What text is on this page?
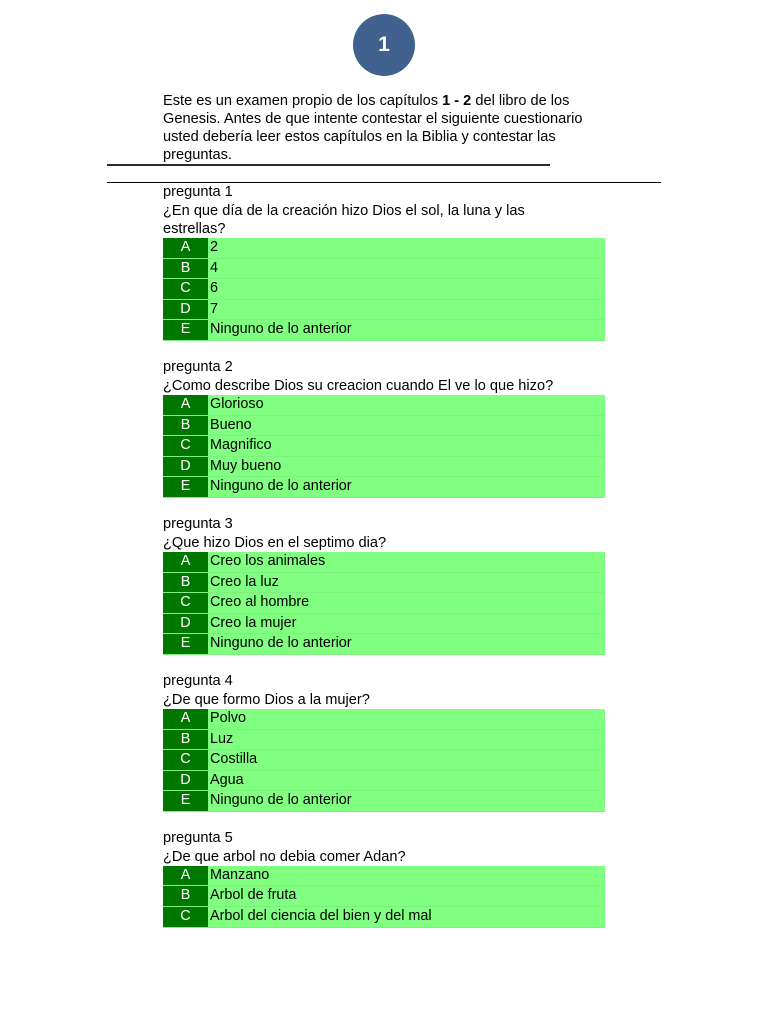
1
Este es un examen propio de los capítulos 1 - 2 del libro de los Genesis. Antes de que intente contestar el siguiente cuestionario usted debería leer estos capítulos en la Biblia y contestar las preguntas.
pregunta 1
¿En que día de la creación hizo Dios el sol, la luna y las estrellas?
A	2
B	4
C	6
D	7
E	Ninguno de lo anterior
pregunta 2
¿Como describe Dios su creacion cuando El ve lo que hizo?
A	Glorioso
B	Bueno
C	Magnifico
D	Muy bueno
E	Ninguno de lo anterior
pregunta 3
¿Que hizo Dios en el septimo dia?
A	Creo los animales
B	Creo la luz
C	Creo al hombre
D	Creo la mujer
E	Ninguno de lo anterior
pregunta 4
¿De que formo Dios a la mujer?
A	Polvo
B	Luz
C	Costilla
D	Agua
E	Ninguno de lo anterior
pregunta 5
¿De que arbol no debia comer Adan?
A	Manzano
B	Arbol de fruta
C	Arbol del ciencia del bien y del mal
